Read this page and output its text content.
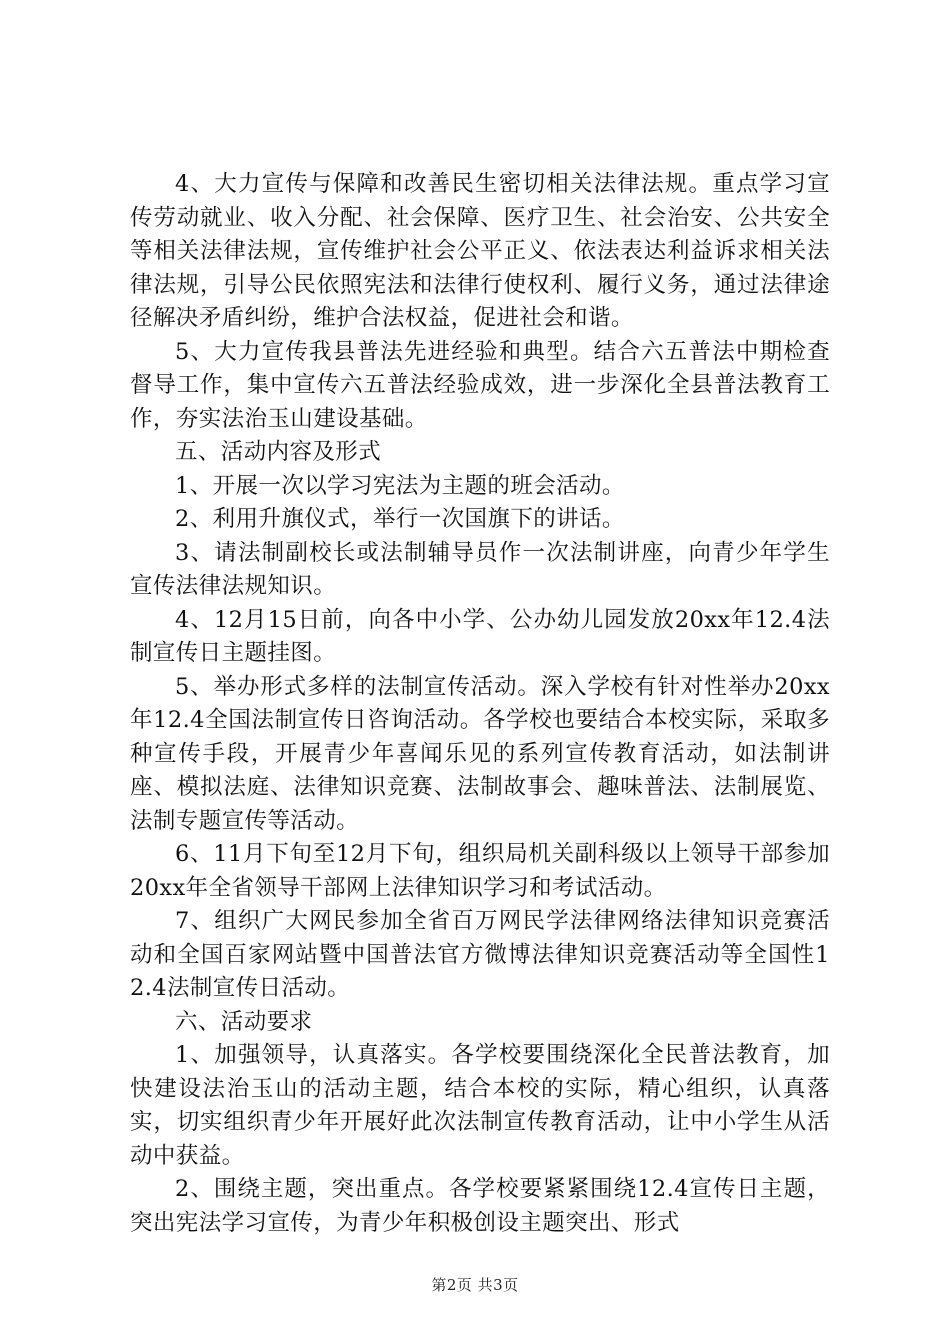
4、大力宣传与保障和改善民生密切相关法律法规。重点学习宣传劳动就业、收入分配、社会保障、医疗卫生、社会治安、公共安全等相关法律法规，宣传维护社会公平正义、依法表达利益诉求相关法律法规，引导公民依照宪法和法律行使权利、履行义务，通过法律途径解决矛盾纠纷，维护合法权益，促进社会和谐。

5、大力宣传我县普法先进经验和典型。结合六五普法中期检查督导工作，集中宣传六五普法经验成效，进一步深化全县普法教育工作，夯实法治玉山建设基础。

五、活动内容及形式

1、开展一次以学习宪法为主题的班会活动。

2、利用升旗仪式，举行一次国旗下的讲话。

3、请法制副校长或法制辅导员作一次法制讲座，向青少年学生宣传法律法规知识。

4、12月15日前，向各中小学、公办幼儿园发放20xx年12.4法制宣传日主题挂图。

5、举办形式多样的法制宣传活动。深入学校有针对性举办20xx年12.4全国法制宣传日咨询活动。各学校也要结合本校实际，采取多种宣传手段，开展青少年喜闻乐见的系列宣传教育活动，如法制讲座、模拟法庭、法律知识竞赛、法制故事会、趣味普法、法制展览、法制专题宣传等活动。

6、11月下旬至12月下旬，组织局机关副科级以上领导干部参加20xx年全省领导干部网上法律知识学习和考试活动。

7、组织广大网民参加全省百万网民学法律网络法律知识竞赛活动和全国百家网站暨中国普法官方微博法律知识竞赛活动等全国性12.4法制宣传日活动。

六、活动要求

1、加强领导，认真落实。各学校要围绕深化全民普法教育，加快建设法治玉山的活动主题，结合本校的实际，精心组织，认真落实，切实组织青少年开展好此次法制宣传教育活动，让中小学生从活动中获益。

2、围绕主题，突出重点。各学校要紧紧围绕12.4宣传日主题，突出宪法学习宣传，为青少年积极创设主题突出、形式

第2页 共3页
